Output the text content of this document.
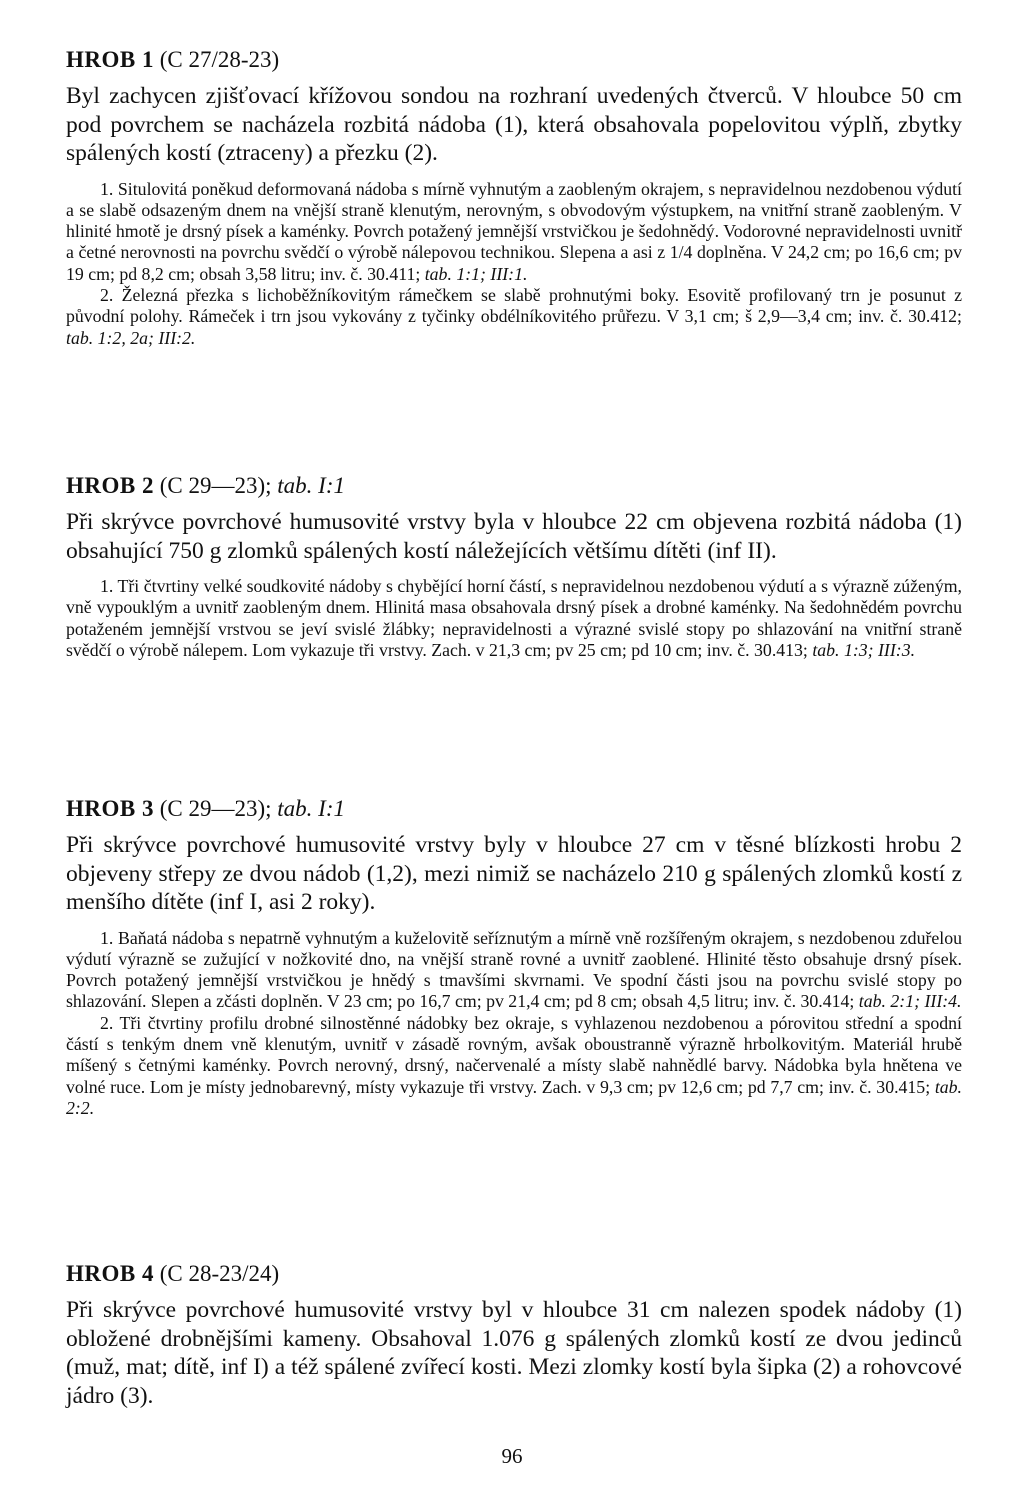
HROB 1 (C 27/28-23)

Byl zachycen zjišťovací křížovou sondou na rozhraní uvedených čtverců. V hloubce 50 cm pod povrchem se nacházela rozbitá nádoba (1), která obsahovala popelovitou výplň, zbytky spálených kostí (ztraceny) a přezku (2).

1. Situlovitá poněkud deformovaná nádoba s mírně vyhnutým a zaobleným okrajem, s nepravidelnou nezdobenou výdutí a se slabě odsazeným dnem na vnější straně klenutým, nerovným, s obvodovým výstupkem, na vnitřní straně zaobleným. V hlinité hmotě je drsný písek a kaménky. Povrch potažený jemnější vrstvičkou je šedohnědý. Vodorovné nepravidelnosti uvnitř a četné nerovnosti na povrchu svědčí o výrobě nálepovou technikou. Slepena a asi z 1/4 doplněna. V 24,2 cm; po 16,6 cm; pv 19 cm; pd 8,2 cm; obsah 3,58 litru; inv. č. 30.411; tab. 1:1; III:1.

2. Železná přezka s lichoběžníkovitým rámečkem se slabě prohnutými boky. Esovitě profilovaný trn je posunut z původní polohy. Rámeček i trn jsou vykovány z tyčinky obdélníkovitého průřezu. V 3,1 cm; š 2,9—3,4 cm; inv. č. 30.412; tab. 1:2, 2a; III:2.

HROB 2 (C 29—23); tab. I:1

Při skrývce povrchové humusovité vrstvy byla v hloubce 22 cm objevena rozbitá nádoba (1) obsahující 750 g zlomků spálených kostí náležejících většímu dítěti (inf II).

1. Tři čtvrtiny velké soudkovité nádoby s chybějící horní částí, s nepravidelnou nezdobenou výdutí a s výrazně zúženým, vně vypouklým a uvnitř zaobleným dnem. Hlinitá masa obsahovala drsný písek a drobné kaménky. Na šedohnědém povrchu potaženém jemnější vrstvou se jeví svislé žlábky; nepravidelnosti a výrazné svislé stopy po shlazování na vnitřní straně svědčí o výrobě nálepem. Lom vykazuje tři vrstvy. Zach. v 21,3 cm; pv 25 cm; pd 10 cm; inv. č. 30.413; tab. 1:3; III:3.

HROB 3 (C 29—23); tab. I:1

Při skrývce povrchové humusovité vrstvy byly v hloubce 27 cm v těsné blízkosti hrobu 2 objeveny střepy ze dvou nádob (1,2), mezi nimiž se nacházelo 210 g spálených zlomků kostí z menšího dítěte (inf I, asi 2 roky).

1. Baňatá nádoba s nepatrně vyhnutým a kuželovitě seříznutým a mírně vně rozšířeným okrajem, s nezdobenou zduřelou výdutí výrazně se zužující v nožkovité dno, na vnější straně rovné a uvnitř zaoblené. Hlinité těsto obsahuje drsný písek. Povrch potažený jemnější vrstvičkou je hnědý s tmavšími skvrnami. Ve spodní části jsou na povrchu svislé stopy po shlazování. Slepen a zčásti doplněn. V 23 cm; po 16,7 cm; pv 21,4 cm; pd 8 cm; obsah 4,5 litru; inv. č. 30.414; tab. 2:1; III:4.

2. Tři čtvrtiny profilu drobné silnostěnné nádobky bez okraje, s vyhlazenou nezdobenou a pórovitou střední a spodní částí s tenkým dnem vně klenutým, uvnitř v zásadě rovným, avšak oboustranně výrazně hrbolkovitým. Materiál hrubě míšený s četnými kaménky. Povrch nerovný, drsný, načervenalé a místy slabě nahnědlé barvy. Nádobka byla hnětena ve volné ruce. Lom je místy jednobarevný, místy vykazuje tři vrstvy. Zach. v 9,3 cm; pv 12,6 cm; pd 7,7 cm; inv. č. 30.415; tab. 2:2.

HROB 4 (C 28-23/24)

Při skrývce povrchové humusovité vrstvy byl v hloubce 31 cm nalezen spodek nádoby (1) obložené drobnějšími kameny. Obsahoval 1.076 g spálených zlomků kostí ze dvou jedinců (muž, mat; dítě, inf I) a též spálené zvířecí kosti. Mezi zlomky kostí byla šipka (2) a rohovcové jádro (3).

96
